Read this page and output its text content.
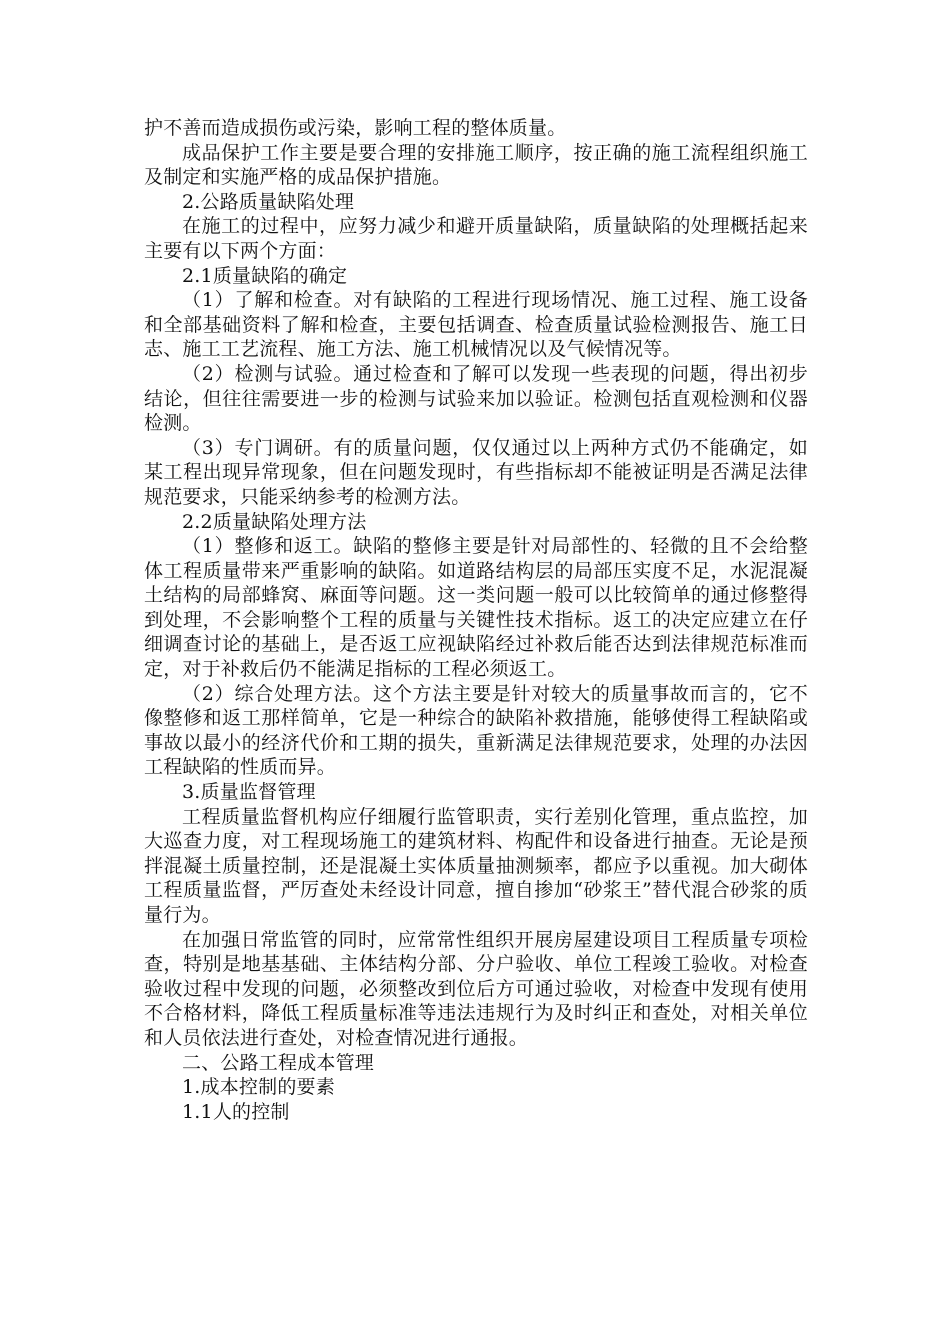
护不善而造成损伤或污染，影响工程的整体质量。

成品保护工作主要是要合理的安排施工顺序，按正确的施工流程组织施工及制定和实施严格的成品保护措施。

2.公路质量缺陷处理

在施工的过程中，应努力减少和避开质量缺陷，质量缺陷的处理概括起来主要有以下两个方面：

2.1质量缺陷的确定

（1）了解和检查。对有缺陷的工程进行现场情况、施工过程、施工设备和全部基础资料了解和检查，主要包括调查、检查质量试验检测报告、施工日志、施工工艺流程、施工方法、施工机械情况以及气候情况等。

（2）检测与试验。通过检查和了解可以发现一些表现的问题，得出初步结论，但往往需要进一步的检测与试验来加以验证。检测包括直观检测和仪器检测。

（3）专门调研。有的质量问题，仅仅通过以上两种方式仍不能确定，如某工程出现异常现象，但在问题发现时，有些指标却不能被证明是否满足法律规范要求，只能采纳参考的检测方法。

2.2质量缺陷处理方法

（1）整修和返工。缺陷的整修主要是针对局部性的、轻微的且不会给整体工程质量带来严重影响的缺陷。如道路结构层的局部压实度不足，水泥混凝土结构的局部蜂窝、麻面等问题。这一类问题一般可以比较简单的通过修整得到处理，不会影响整个工程的质量与关键性技术指标。返工的决定应建立在仔细调查讨论的基础上，是否返工应视缺陷经过补救后能否达到法律规范标准而定，对于补救后仍不能满足指标的工程必须返工。

（2）综合处理方法。这个方法主要是针对较大的质量事故而言的，它不像整修和返工那样简单，它是一种综合的缺陷补救措施，能够使得工程缺陷或事故以最小的经济代价和工期的损失，重新满足法律规范要求，处理的办法因工程缺陷的性质而异。

3.质量监督管理

工程质量监督机构应仔细履行监管职责，实行差别化管理，重点监控，加大巡查力度，对工程现场施工的建筑材料、构配件和设备进行抽查。无论是预拌混凝土质量控制，还是混凝土实体质量抽测频率，都应予以重视。加大砌体工程质量监督，严厉查处未经设计同意，擅自掺加“砂浆王”替代混合砂浆的质量行为。

在加强日常监管的同时，应常常性组织开展房屋建设项目工程质量专项检查，特别是地基基础、主体结构分部、分户验收、单位工程竣工验收。对检查验收过程中发现的问题，必须整改到位后方可通过验收，对检查中发现有使用不合格材料，降低工程质量标准等违法违规行为及时纠正和查处，对相关单位和人员依法进行查处，对检查情况进行通报。

二、公路工程成本管理

1.成本控制的要素

1.1人的控制
